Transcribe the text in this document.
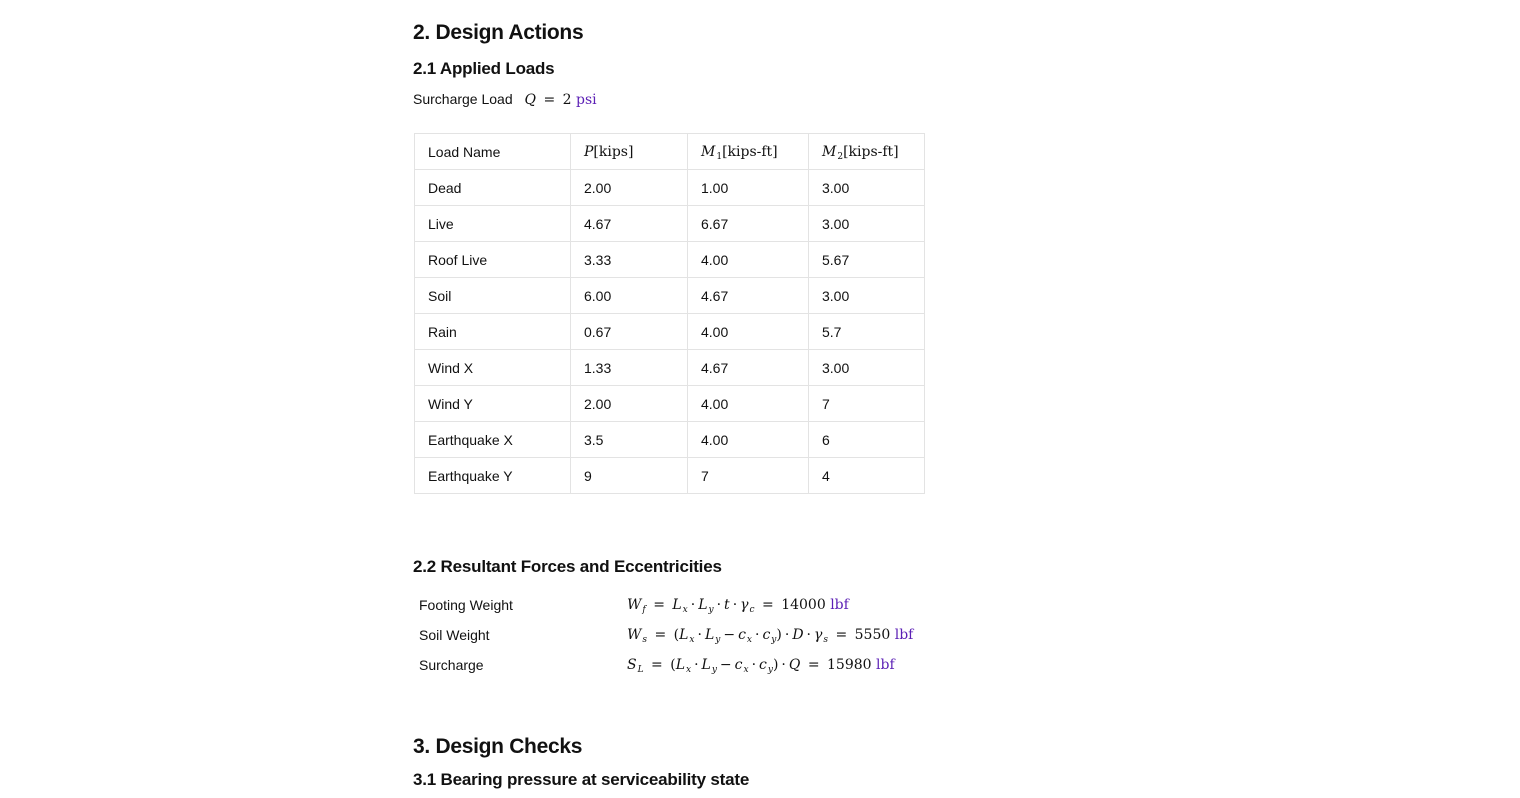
2. Design Actions
2.1 Applied Loads
Surcharge Load Q = 2 psi
Load Name	P[kips]	$M_1[kips-ft]$	$M_2[kips-ft]$
Dead	2.00	1.00	3.00
Live	4.67	6.67	3.00
Roof Live	3.33	4.00	5.67
Soil	6.00	4.67	3.00
Rain	0.67	4.00	5.7
Wind X	1.33	4.67	3.00
Wind Y	2.00	4.00	7
Earthquake X	3.5	4.00	6
Earthquake Y	9	7	4
2.2 Resultant Forces and Eccentricities
Footing Weight	$W_f = L_x \cdot L_y \cdot t \cdot \gamma_c = 14000$ lbf
Soil Weight	$W_s = (L_x \cdot L_y - c_x \cdot c_y) \cdot D \cdot \gamma_s = 5550$ lbf
Surcharge	$S_L = (L_x \cdot L_y - c_x \cdot c_y) \cdot Q = 15980$ lbf
3. Design Checks
3.1 Bearing pressure at serviceability state
